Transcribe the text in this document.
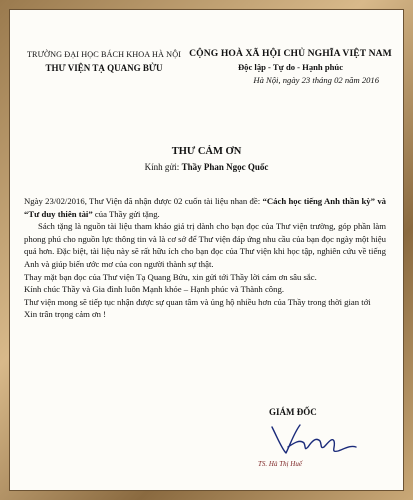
TRƯỜNG ĐẠI HỌC BÁCH KHOA HÀ NỘI
THƯ VIỆN TẠ QUANG BỬU
CỘNG HOÀ XÃ HỘI CHỦ NGHĨA VIỆT NAM
Độc lập - Tự do - Hạnh phúc
Hà Nội, ngày 23 tháng 02 năm 2016
THƯ CẢM ƠN
Kính gửi: Thầy Phan Ngọc Quốc

Ngày 23/02/2016, Thư Viện đã nhận được 02 cuốn tài liệu nhan đề: “Cách học tiếng Anh thần kỳ” và “Tư duy thiên tài” của Thầy gửi tặng.

Sách tặng là nguồn tài liệu tham khảo giá trị dành cho bạn đọc của Thư viện trường, góp phần làm phong phú cho nguồn lực thông tin và là cơ sở để Thư viện đáp ứng nhu cầu của bạn đọc ngày một hiệu quả hơn. Đặc biệt, tài liệu này sẽ rất hữu ích cho bạn đọc của Thư viện khi học tập, nghiên cứu về tiếng Anh và giúp biến ước mơ của con người thành sự thật.

Thay mặt bạn đọc của Thư viện Tạ Quang Bửu, xin gửi tới Thầy lời cảm ơn sâu sắc.

Kính chúc Thầy và Gia đình luôn Mạnh khỏe – Hạnh phúc và Thành công.

Thư viện mong sẽ tiếp tục nhận được sự quan tâm và ủng hộ nhiều hơn của Thầy trong thời gian tới

Xin trân trọng cảm ơn !

GIÁM ĐỐC
TS. Hà Thị Huế
